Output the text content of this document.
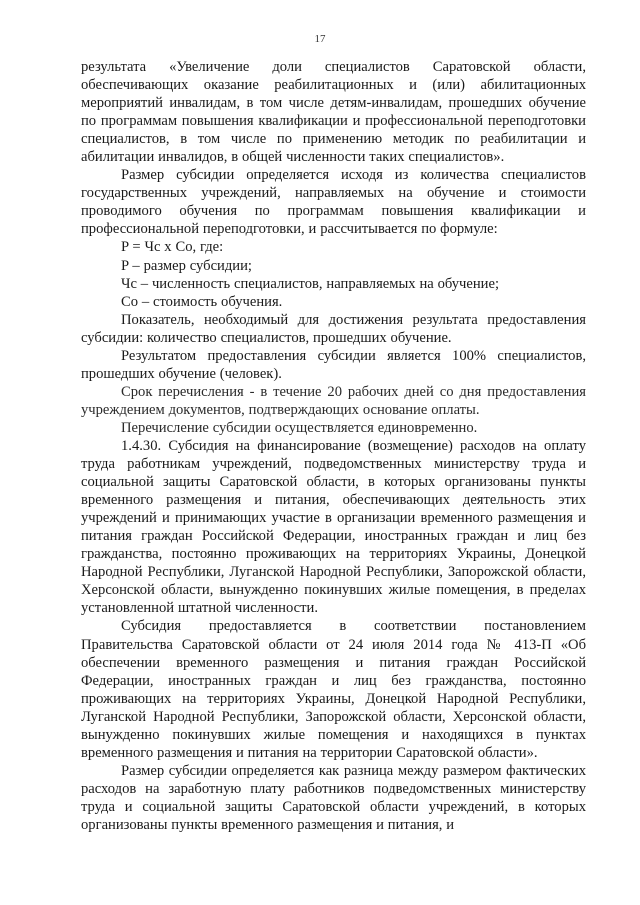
17

результата «Увеличение доли специалистов Саратовской области, обеспечивающих оказание реабилитационных и (или) абилитационных мероприятий инвалидам, в том числе детям-инвалидам, прошедших обучение по программам повышения квалификации и профессиональной переподготовки специалистов, в том числе по применению методик по реабилитации и абилитации инвалидов, в общей численности таких специалистов».

Размер субсидии определяется исходя из количества специалистов государственных учреждений, направляемых на обучение и стоимости проводимого обучения по программам повышения квалификации и профессиональной переподготовки, и рассчитывается по формуле:

P = Чс х Со, где:

P – размер субсидии;

Чс – численность специалистов, направляемых на обучение;

Со – стоимость обучения.

Показатель, необходимый для достижения результата предоставления субсидии: количество специалистов, прошедших обучение.

Результатом предоставления субсидии является 100% специалистов, прошедших обучение (человек).

Срок перечисления - в течение 20 рабочих дней со дня предоставления учреждением документов, подтверждающих основание оплаты.

Перечисление субсидии осуществляется единовременно.

1.4.30. Субсидия на финансирование (возмещение) расходов на оплату труда работникам учреждений, подведомственных министерству труда и социальной защиты Саратовской области, в которых организованы пункты временного размещения и питания, обеспечивающих деятельность этих учреждений и принимающих участие в организации временного размещения и питания граждан Российской Федерации, иностранных граждан и лиц без гражданства, постоянно проживающих на территориях Украины, Донецкой Народной Республики, Луганской Народной Республики, Запорожской области, Херсонской области, вынужденно покинувших жилые помещения, в пределах установленной штатной численности.

Субсидия предоставляется в соответствии постановлением Правительства Саратовской области от 24 июля 2014 года № 413-П «Об обеспечении временного размещения и питания граждан Российской Федерации, иностранных граждан и лиц без гражданства, постоянно проживающих на территориях Украины, Донецкой Народной Республики, Луганской Народной Республики, Запорожской области, Херсонской области, вынужденно покинувших жилые помещения и находящихся в пунктах временного размещения и питания на территории Саратовской области».

Размер субсидии определяется как разница между размером фактических расходов на заработную плату работников подведомственных министерству труда и социальной защиты Саратовской области учреждений, в которых организованы пункты временного размещения и питания, и
